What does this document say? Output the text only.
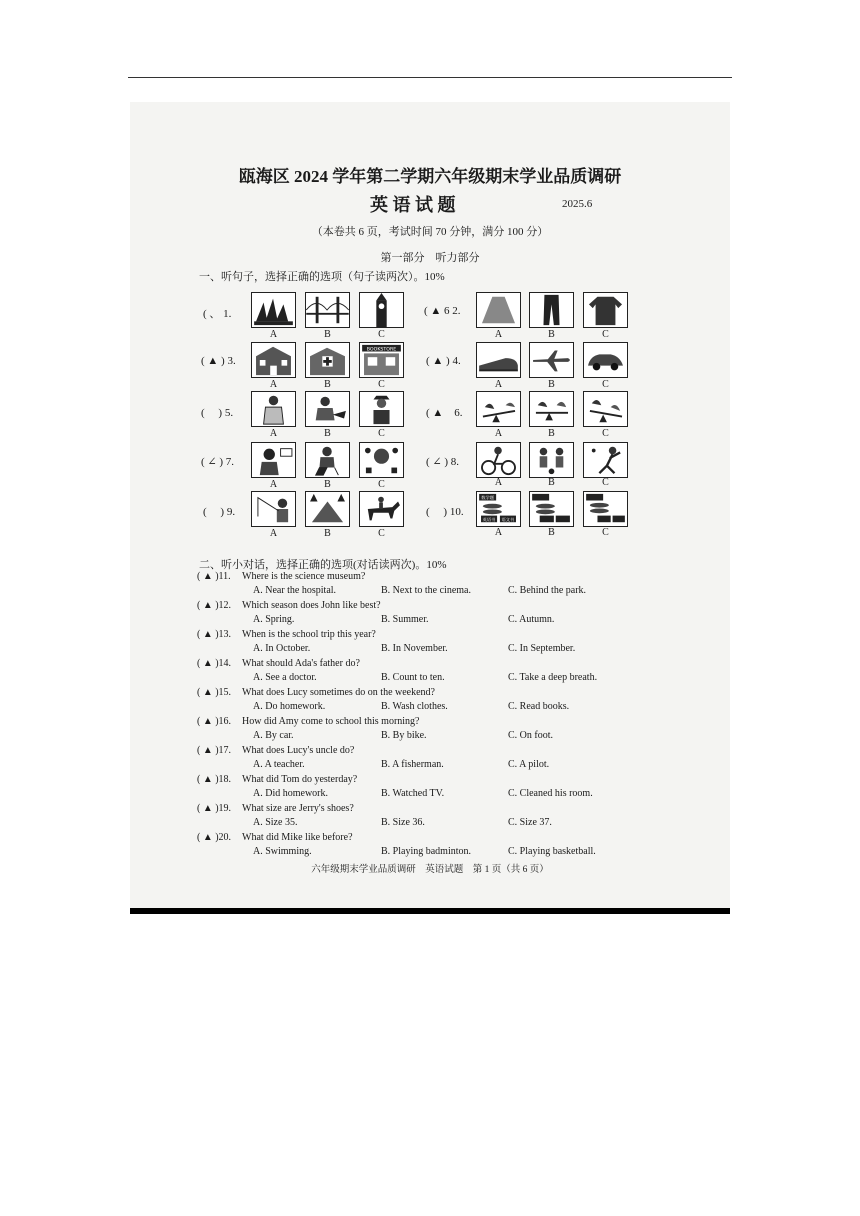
瓯海区 2024 学年第二学期六年级期末学业品质调研
英 语 试 题	2025.6
（本卷共 6 页，考试时间 70 分钟，满分 100 分）
第一部分　听力部分
一、听句子，选择正确的选项（句子读两次）。10%
( 、 1.
A	B	C
( ▲ 6 2.
A	B	C
( ▲ ) 3.
BOOKSTORE
A	B	C
( ▲ ) 4.
A	B	C
(　 ) 5.
A	B	C
( ▲　6.
A	B	C
( ∠ ) 7.
A	B	C
( ∠ ) 8.
A	B	C
(　 ) 9.
A	B	C
(　 ) 10.
数学题
英语书 语文书
A	B	C
二、听小对话，选择正确的选项(对话读两次)。10%
( ▲ )11. Where is the science museum?
A. Near the hospital.	B. Next to the cinema.	C. Behind the park.
( ▲ )12. Which season does John like best?
A. Spring.	B. Summer.	C. Autumn.
( ▲ )13. When is the school trip this year?
A. In October.	B. In November.	C. In September.
( ▲ )14. What should Ada's father do?
A. See a doctor.	B. Count to ten.	C. Take a deep breath.
( ▲ )15. What does Lucy sometimes do on the weekend?
A. Do homework.	B. Wash clothes.	C. Read books.
( ▲ )16. How did Amy come to school this morning?
A. By car.	B. By bike.	C. On foot.
( ▲ )17. What does Lucy's uncle do?
A. A teacher.	B. A fisherman.	C. A pilot.
( ▲ )18. What did Tom do yesterday?
A. Did homework.	B. Watched TV.	C. Cleaned his room.
( ▲ )19. What size are Jerry's shoes?
A. Size 35.	B. Size 36.	C. Size 37.
( ▲ )20. What did Mike like before?
A. Swimming.	B. Playing badminton.	C. Playing basketball.
六年级期末学业品质调研　英语试题　第 1 页（共 6 页）
